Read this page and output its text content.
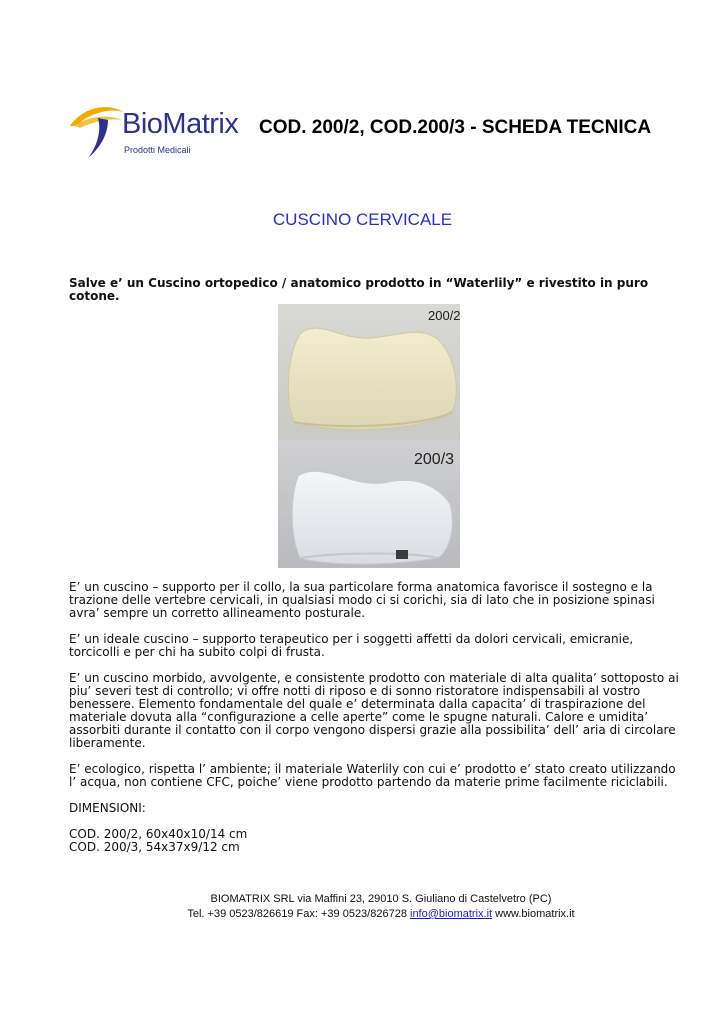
BioMatrix
Prodotti Medicali
COD. 200/2, COD.200/3 - SCHEDA TECNICA
CUSCINO CERVICALE
Salve e’ un Cuscino ortopedico / anatomico prodotto in “Waterlily” e rivestito in puro cotone.
200/2
200/3

E’ un cuscino – supporto per il collo, la sua particolare forma anatomica favorisce il sostegno e la trazione delle vertebre cervicali, in qualsiasi modo ci si corichi, sia di lato che in posizione spinasi avra’ sempre un corretto allineamento posturale.

E’ un ideale cuscino – supporto terapeutico per i soggetti affetti da dolori cervicali, emicranie, torcicolli e per chi ha subito colpi di frusta.

E’ un cuscino morbido, avvolgente, e consistente prodotto con materiale di alta qualita’ sottoposto ai piu’ severi test di controllo; vi offre notti di riposo e di sonno ristoratore indispensabili al vostro benessere. Elemento fondamentale del quale e’ determinata dalla capacita’ di traspirazione del materiale dovuta alla “configurazione a celle aperte” come le spugne naturali. Calore e umidita’ assorbiti durante il contatto con il corpo vengono dispersi grazie alla possibilita’ dell’ aria di circolare liberamente.

E’ ecologico, rispetta l’ ambiente; il materiale Waterlily con cui e’ prodotto e’ stato creato utilizzando l’ acqua, non contiene CFC, poiche’ viene prodotto partendo da materie prime facilmente riciclabili.

DIMENSIONI:

COD. 200/2, 60x40x10/14 cm
COD. 200/3, 54x37x9/12 cm
BIOMATRIX SRL via Maffini 23, 29010 S. Giuliano di Castelvetro (PC)
Tel. +39 0523/826619 Fax: +39 0523/826728 info@biomatrix.it www.biomatrix.it
